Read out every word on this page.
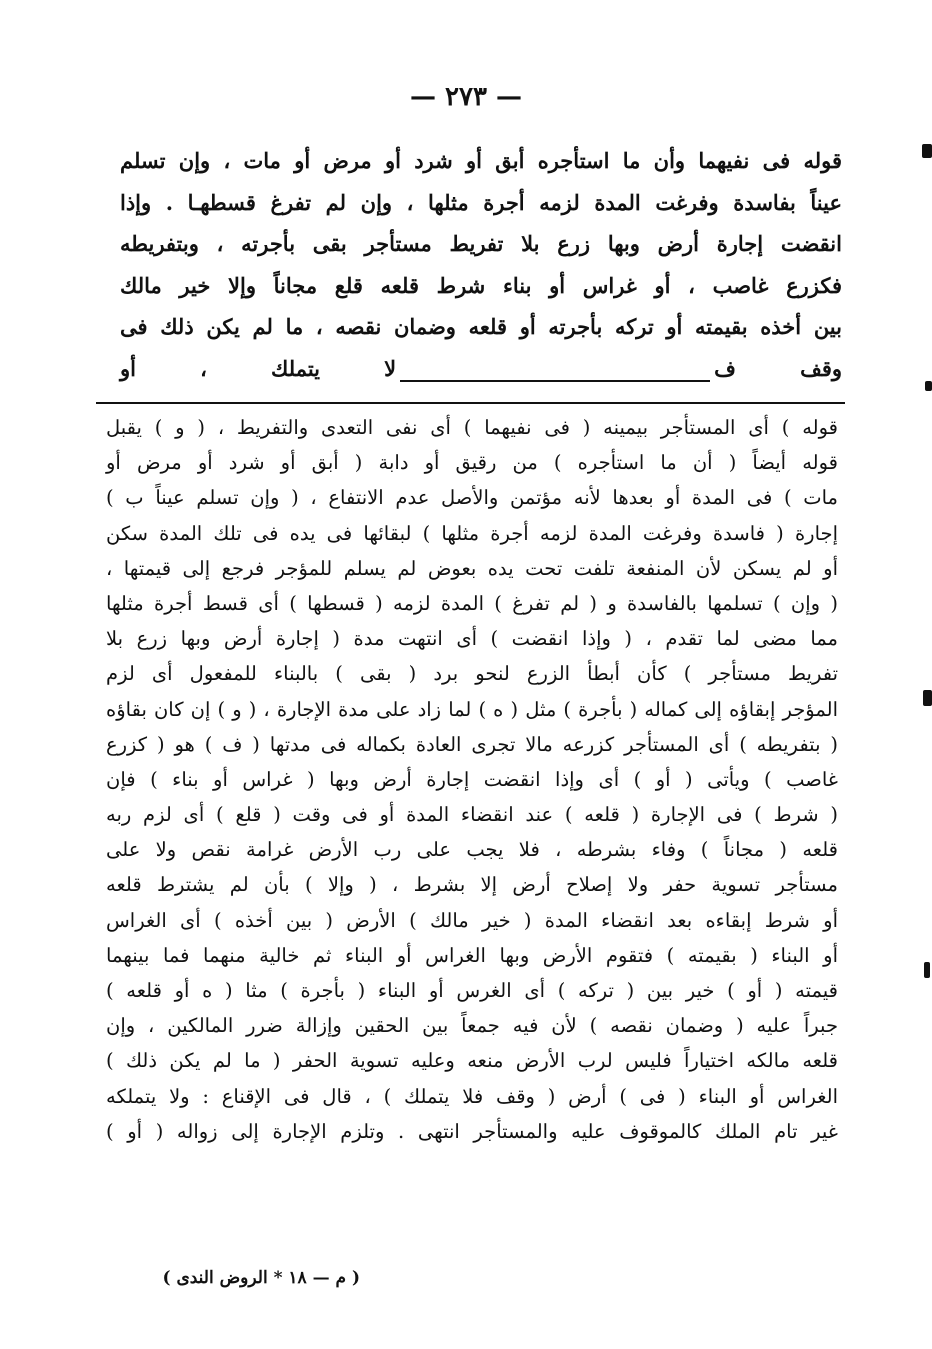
— ٢٧٣ —
قوله فى نفيهما وأن ما استأجره أبق أو شرد أو مرض أو مات ، وإن تسلم
عيناً بفاسدة وفرغت المدة لزمه أجرة مثلها ، وإن لم تفرغ قسطهـا . وإذا
انقضت إجارة أرض وبها زرع بلا تفريط مستأجر بقى بأجرته ، وبتفريطه
فكزرع غاصب ، أو غراس أو بناء شرط قلعه قلع مجاناً وإلا خير مالك
بين أخذه بقيمته أو تركه بأجرته أو قلعه وضمان نقصه ، ما لم يكن ذلك فى
وقف فلا يتملك ، أو
قوله ) أى المستأجر بيمينه ( فى نفيهما ) أى نفى التعدى والتفريط ، ( و ) يقبل
قوله أيضاً ( أن ما استأجره ) من رقيق أو دابة ( أبق أو شرد أو مرض أو
مات ) فى المدة أو بعدها لأنه مؤتمن والأصل عدم الانتفاع ، ( وإن تسلم عيناً ب )
إجارة ( فاسدة وفرغت المدة لزمه أجرة مثلها ) لبقائها فى يده فى تلك المدة سكن
أو لم يسكن لأن المنفعة تلفت تحت يده بعوض لم يسلم للمؤجر فرجع إلى قيمتها ،
( وإن ) تسلمها بالفاسدة و ( لم تفرغ ) المدة لزمه ( قسطها ) أى قسط أجرة مثلها
مما مضى لما تقدم ، ( وإذا انقضت ) أى انتهت مدة ( إجارة أرض وبها زرع بلا
تفريط مستأجر ) كأن أبطأ الزرع لنحو برد ( بقى ) بالبناء للمفعول أى لزم
المؤجر إبقاؤه إلى كماله ( بأجرة ) مثل ( ه ) لما زاد على مدة الإجارة ، ( و ) إن كان بقاؤه
( بتفريطه ) أى المستأجر كزرعه مالا تجرى العادة بكماله فى مدتها ( ف ) هو ( كزرع
غاصب ) ويأتى ( أو ) أى وإذا انقضت إجارة أرض وبها ( غراس أو بناء ) فإن
( شرط ) فى الإجارة ( قلعه ) عند انقضاء المدة أو فى وقت ( قلع ) أى لزم ربه
قلعه ( مجاناً ) وفاء بشرطه ، فلا يجب على رب الأرض غرامة نقص ولا على
مستأجر تسوية حفر ولا إصلاح أرض إلا بشرط ، ( وإلا ) بأن لم يشترط قلعه
أو شرط إبقاءه بعد انقضاء المدة ( خير مالك ) الأرض ( بين أخذه ) أى الغراس
أو البناء ( بقيمته ) فتقوم الأرض وبها الغراس أو البناء ثم خالية منهما فما بينهما
قيمته ( أو ) خير بين ( تركه ) أى الغرس أو البناء ( بأجرة ) مثا ( ه أو قلعه )
جبراً عليه ( وضمان نقصه ) لأن فيه جمعاً بين الحقين وإزالة ضرر المالكين ، وإن
قلعه مالكه اختياراً فليس لرب الأرض منعه وعليه تسوية الحفر ( ما لم يكن ذلك )
الغراس أو البناء ( فى ) أرض ( وقف فلا يتملك ) ، قال فى الإقناع : ولا يتملكه
غير تام الملك كالموقوف عليه والمستأجر انتهى . وتلزم الإجارة إلى زواله ( أو )
( م — ١٨ * الروض الندى )
